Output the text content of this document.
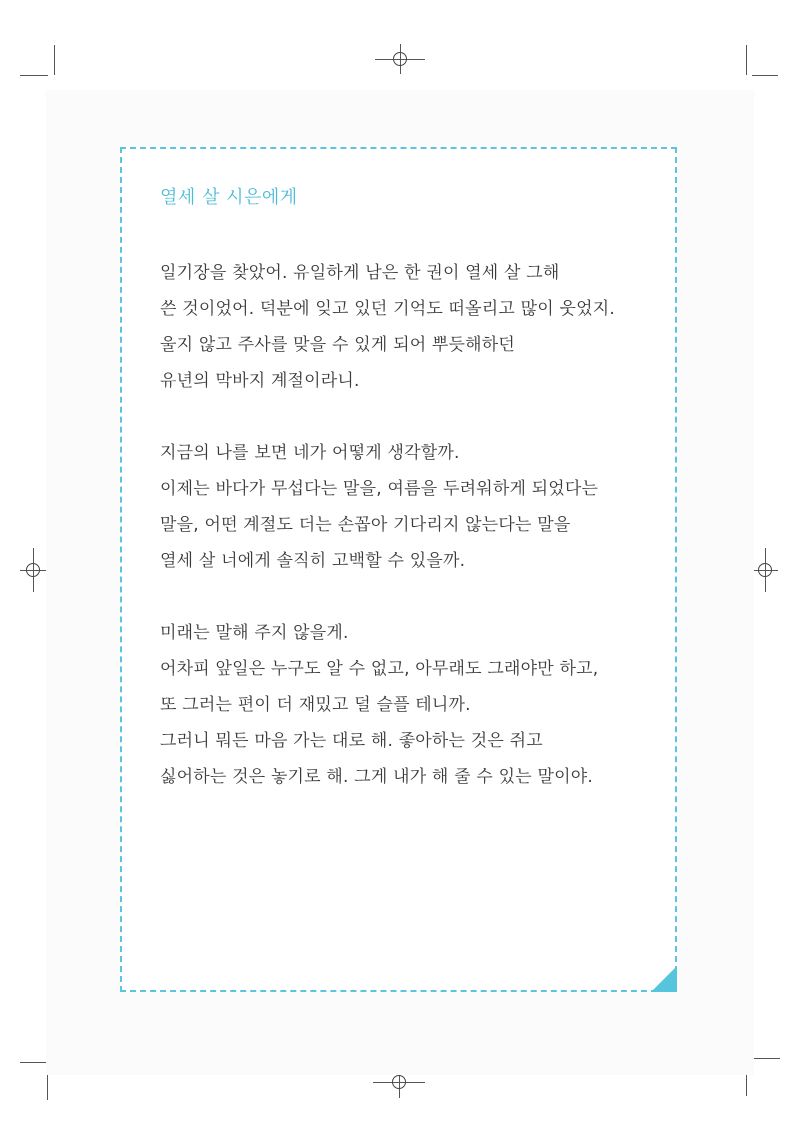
열세 살 시은에게

일기장을 찾았어. 유일하게 남은 한 권이 열세 살 그해
쓴 것이었어. 덕분에 잊고 있던 기억도 떠올리고 많이 웃었지.
울지 않고 주사를 맞을 수 있게 되어 뿌듯해하던
유년의 막바지 계절이라니.

지금의 나를 보면 네가 어떻게 생각할까.
이제는 바다가 무섭다는 말을, 여름을 두려워하게 되었다는
말을, 어떤 계절도 더는 손꼽아 기다리지 않는다는 말을
열세 살 너에게 솔직히 고백할 수 있을까.

미래는 말해 주지 않을게.
어차피 앞일은 누구도 알 수 없고, 아무래도 그래야만 하고,
또 그러는 편이 더 재밌고 덜 슬플 테니까.
그러니 뭐든 마음 가는 대로 해. 좋아하는 것은 쥐고
싫어하는 것은 놓기로 해. 그게 내가 해 줄 수 있는 말이야.
